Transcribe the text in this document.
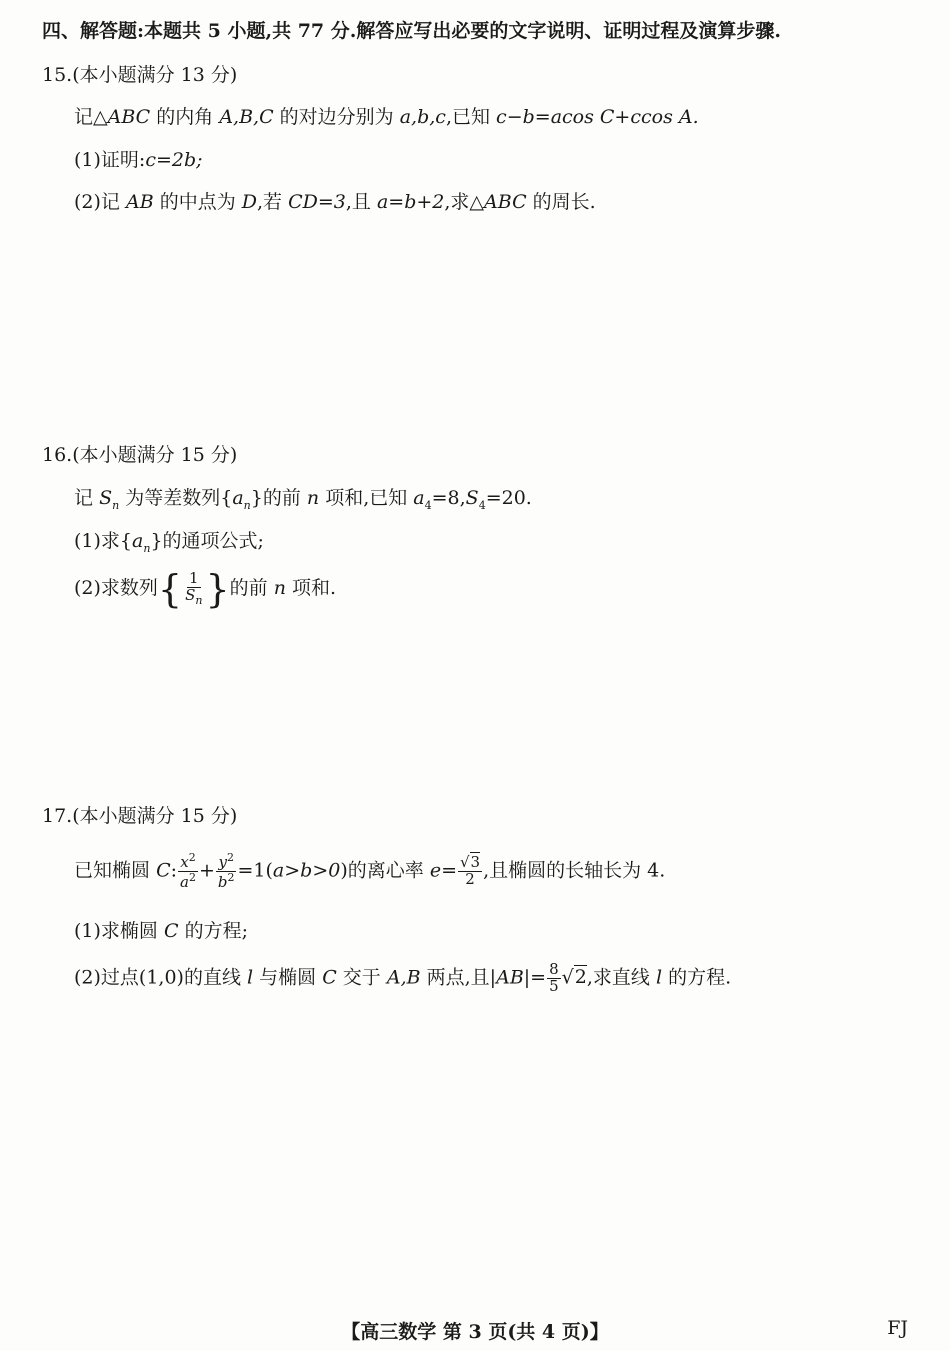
四、解答题:本题共 5 小题,共 77 分.解答应写出必要的文字说明、证明过程及演算步骤.
15.(本小题满分 13 分)
记△ABC 的内角 A,B,C 的对边分别为 a,b,c,已知 c−b=acos C+ccos A.
(1)证明:c=2b;
(2)记 AB 的中点为 D,若 CD=3,且 a=b+2,求△ABC 的周长.
16.(本小题满分 15 分)
记 $S_n$ 为等差数列$\{a_n\}$的前 n 项和,已知 $a_4=8,S_4=20$.
(1)求$\{a_n\}$的通项公式;
(2)求数列{ $\frac{1}{S_n}$ }的前 n 项和.
17.(本小题满分 15 分)
已知椭圆 C: $\frac{x^2}{a^2} + \frac{y^2}{b^2} =1(a>b>0)$的离心率 $e= \frac{√3}{2}$ ,且椭圆的长轴长为 4.
(1)求椭圆 C 的方程;
(2)过点(1,0)的直线 l 与椭圆 C 交于 A,B 两点,且$|AB|= \frac{8}{5} √2$,求直线 l 的方程.
【高三数学 第 3 页(共 4 页)】	FJ
